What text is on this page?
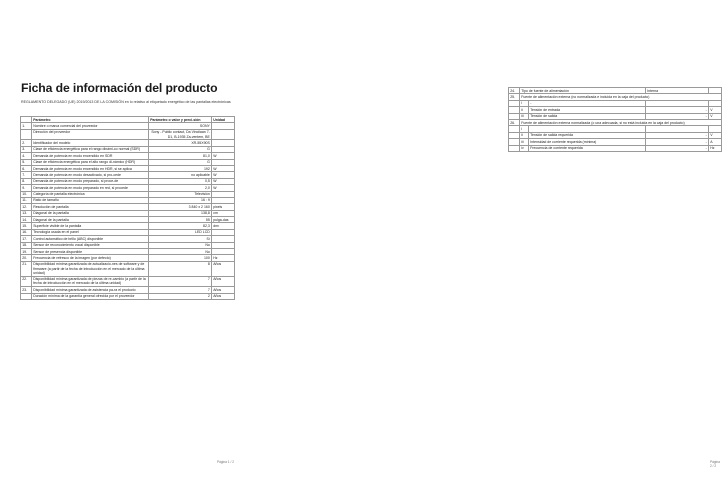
Ficha de información del producto
REGLAMENTO DELEGADO (UE) 2019/2013 DE LA COMISIÓN en lo relativo al etiquetado energético de las pantallas electrónicas
	Parámetro	Parámetro o valor y preci-sión	Unidad
1.	Nombre o marca comercial del proveedor	SONY	
	Dirección del proveedor	Sony - Public contact, Da Vinciiaan 7-D1, B-1935 Za-ventem, BE	
2.	Identificador del modelo	XR-55X90S	
3.	Clase de eficiencia energética para el rango dinámi-co normal (SDR)	G	
4.	Demanda de potencia en modo encendido en SDR	81,0	W
5.	Clase de eficiencia energética para el alto rango di-námico (HDR)	G	
6.	Demanda de potencia en modo encendido en HDR, si se aplica	192	W
7.	Demanda de potencia en modo desactivado, si pro-cede	no aplicable	W
8.	Demanda de potencia en modo preparado, si proce-de	0,5	W
9.	Demanda de potencia en modo preparado en red, si procede	2,0	W
10.	Categoría de pantalla electrónica	Televisión	
11.	Ratio de tamaño	16 : 9	
12.	Resolución de pantalla	3 840 x 2 160	pixels
13.	Diagonal de la pantalla	138,8	cm
14.	Diagonal de la pantalla	55	pulga-das
15.	Superficie visible de la pantalla	82,3	dm²
16.	Tecnología usada en el panel	LED LCD	
17.	Control automático de brillo (ABC) disponible	Sí	
18.	Sensor de reconocimiento vocal disponible	No	
19.	Sensor de presencia disponible	No	
20.	Frecuencia de refresco de la imagen (por defecto)	100	Hz
21.	Disponibilidad mínima garantizada de actualizacio-nes de software y de firmware (a partir de la fecha de introducción en el mercado de la última unidad)	8	Años
22.	Disponibilidad mínima garantizada de piezas de re-cambio (a partir de la fecha de introducción en el mercado de la última unidad)	7	Años
23.	Disponibilidad mínima garantizada de asistencia pa-ra el producto	7	Años
	Duración mínima de la garantía general ofrecida por el proveedor	2	Años
Página 1 / 2
24.	Tipo de fuente de alimentación		Interna	
25.	Fuente de alimentación externa (no normalizada e incluida en la caja del producto)			
	i	-		
	ii	Tensión de entrada	-	V
	iii	Tensión de salida	-	V
26.	Fuente de alimentación externa normalizada (o una adecuada, si no está incluida en la caja del producto)			
	i			
	ii	Tensión de salida requerida	-	V
	iii	Intensidad de corriente requerida (mínima)	-	A
	iv	Frecuencia de corriente requerida	-	Hz
Página 2 / 2
